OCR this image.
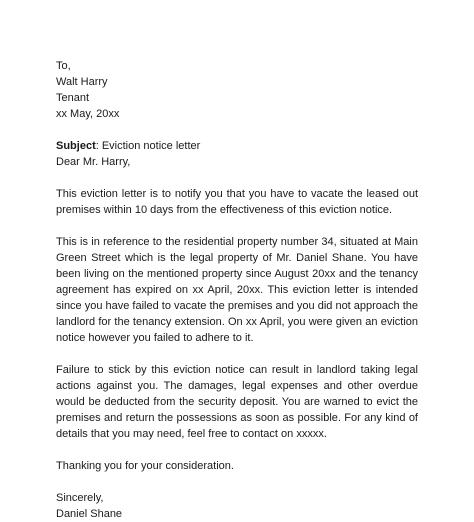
To,
Walt Harry
Tenant
xx May, 20xx
Subject: Eviction notice letter
Dear Mr. Harry,

This eviction letter is to notify you that you have to vacate the leased out premises within 10 days from the effectiveness of this eviction notice.

This is in reference to the residential property number 34, situated at Main Green Street which is the legal property of Mr. Daniel Shane. You have been living on the mentioned property since August 20xx and the tenancy agreement has expired on xx April, 20xx. This eviction letter is intended since you have failed to vacate the premises and you did not approach the landlord for the tenancy extension. On xx April, you were given an eviction notice however you failed to adhere to it.

Failure to stick by this eviction notice can result in landlord taking legal actions against you. The damages, legal expenses and other overdue would be deducted from the security deposit. You are warned to evict the premises and return the possessions as soon as possible. For any kind of details that you may need, feel free to contact on xxxxx.

Thanking you for your consideration.

Sincerely,
Daniel Shane
